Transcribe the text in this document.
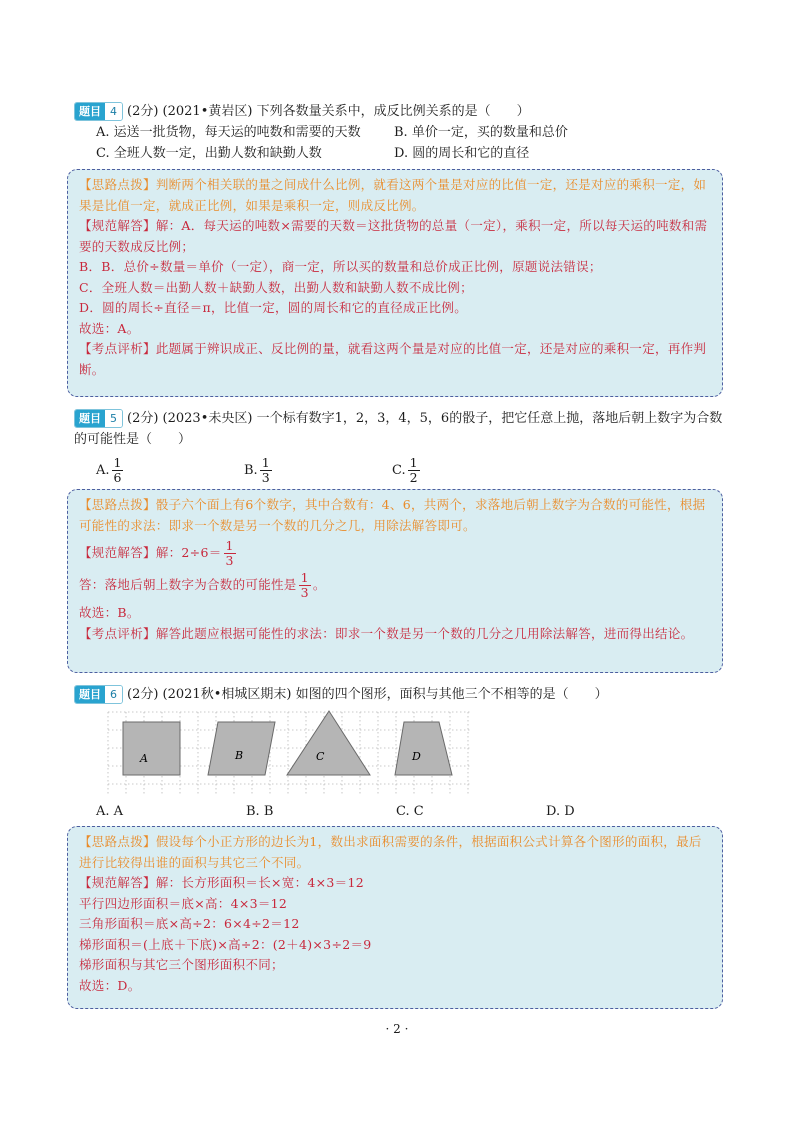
题目 4 (2分) (2021•黄岩区) 下列各数量关系中，成反比例关系的是（　　）
A. 运送一批货物，每天运的吨数和需要的天数	B. 单价一定，买的数量和总价
C. 全班人数一定，出勤人数和缺勤人数	D. 圆的周长和它的直径
【思路点拨】判断两个相关联的量之间成什么比例，就看这两个量是对应的比值一定，还是对应的乘积一定，如果是比值一定，就成正比例，如果是乘积一定，则成反比例。
【规范解答】解：A．每天运的吨数×需要的天数＝这批货物的总量（一定），乘积一定，所以每天运的吨数和需要的天数成反比例；
B．B．总价÷数量＝单价（一定），商一定，所以买的数量和总价成正比例，原题说法错误；
C．全班人数＝出勤人数＋缺勤人数，出勤人数和缺勤人数不成比例；
D．圆的周长÷直径＝π，比值一定，圆的周长和它的直径成正比例。
故选：A。
【考点评析】此题属于辨识成正、反比例的量，就看这两个量是对应的比值一定，还是对应的乘积一定，再作判断。
题目 5 (2分) (2023•未央区) 一个标有数字1，2，3，4，5，6的骰子，把它任意上抛，落地后朝上数字为合数
的可能性是（　　）
A. $\frac{1}{6}$	B. $\frac{1}{3}$	C. $\frac{1}{2}$
【思路点拨】骰子六个面上有6个数字，其中合数有：4、6，共两个，求落地后朝上数字为合数的可能性，根据可能性的求法：即求一个数是另一个数的几分之几，用除法解答即可。
【规范解答】解：$2\div 6= \frac{1}{3}$
答：落地后朝上数字为合数的可能性是 $\frac{1}{3}$ 。
故选：B。
【考点评析】解答此题应根据可能性的求法：即求一个数是另一个数的几分之几用除法解答，进而得出结论。
题目 6 (2分) (2021秋•相城区期末) 如图的四个图形，面积与其他三个不相等的是（　　）
A	B	C	D
A. A	B. B	C. C	D. D
【思路点拨】假设每个小正方形的边长为1，数出求面积需要的条件，根据面积公式计算各个图形的面积，最后进行比较得出谁的面积与其它三个不同。
【规范解答】解：长方形面积＝长×宽：4×3＝12
平行四边形面积＝底×高：4×3＝12
三角形面积＝底×高÷2：6×4÷2＝12
梯形面积＝(上底＋下底)×高÷2：(2＋4)×3÷2＝9
梯形面积与其它三个图形面积不同；
故选：D。
· 2 ·
